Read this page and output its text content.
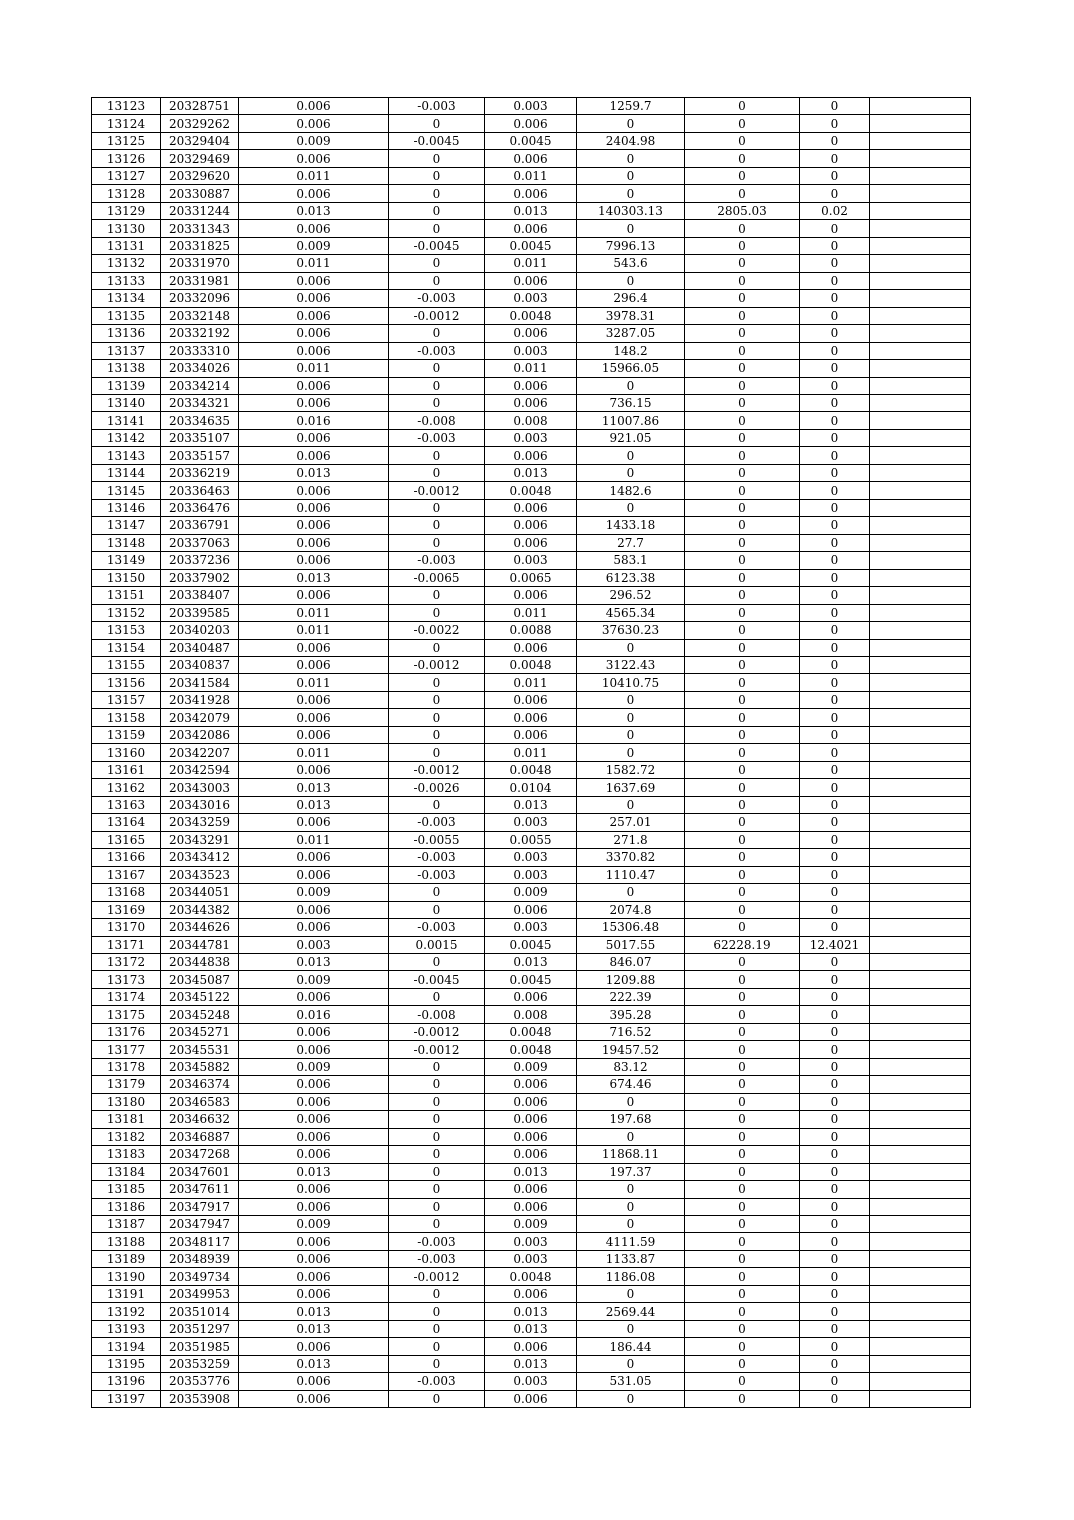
13123	20328751	0.006	-0.003	0.003	1259.7	0	0	
13124	20329262	0.006	0	0.006	0	0	0	
13125	20329404	0.009	-0.0045	0.0045	2404.98	0	0	
13126	20329469	0.006	0	0.006	0	0	0	
13127	20329620	0.011	0	0.011	0	0	0	
13128	20330887	0.006	0	0.006	0	0	0	
13129	20331244	0.013	0	0.013	140303.13	2805.03	0.02	
13130	20331343	0.006	0	0.006	0	0	0	
13131	20331825	0.009	-0.0045	0.0045	7996.13	0	0	
13132	20331970	0.011	0	0.011	543.6	0	0	
13133	20331981	0.006	0	0.006	0	0	0	
13134	20332096	0.006	-0.003	0.003	296.4	0	0	
13135	20332148	0.006	-0.0012	0.0048	3978.31	0	0	
13136	20332192	0.006	0	0.006	3287.05	0	0	
13137	20333310	0.006	-0.003	0.003	148.2	0	0	
13138	20334026	0.011	0	0.011	15966.05	0	0	
13139	20334214	0.006	0	0.006	0	0	0	
13140	20334321	0.006	0	0.006	736.15	0	0	
13141	20334635	0.016	-0.008	0.008	11007.86	0	0	
13142	20335107	0.006	-0.003	0.003	921.05	0	0	
13143	20335157	0.006	0	0.006	0	0	0	
13144	20336219	0.013	0	0.013	0	0	0	
13145	20336463	0.006	-0.0012	0.0048	1482.6	0	0	
13146	20336476	0.006	0	0.006	0	0	0	
13147	20336791	0.006	0	0.006	1433.18	0	0	
13148	20337063	0.006	0	0.006	27.7	0	0	
13149	20337236	0.006	-0.003	0.003	583.1	0	0	
13150	20337902	0.013	-0.0065	0.0065	6123.38	0	0	
13151	20338407	0.006	0	0.006	296.52	0	0	
13152	20339585	0.011	0	0.011	4565.34	0	0	
13153	20340203	0.011	-0.0022	0.0088	37630.23	0	0	
13154	20340487	0.006	0	0.006	0	0	0	
13155	20340837	0.006	-0.0012	0.0048	3122.43	0	0	
13156	20341584	0.011	0	0.011	10410.75	0	0	
13157	20341928	0.006	0	0.006	0	0	0	
13158	20342079	0.006	0	0.006	0	0	0	
13159	20342086	0.006	0	0.006	0	0	0	
13160	20342207	0.011	0	0.011	0	0	0	
13161	20342594	0.006	-0.0012	0.0048	1582.72	0	0	
13162	20343003	0.013	-0.0026	0.0104	1637.69	0	0	
13163	20343016	0.013	0	0.013	0	0	0	
13164	20343259	0.006	-0.003	0.003	257.01	0	0	
13165	20343291	0.011	-0.0055	0.0055	271.8	0	0	
13166	20343412	0.006	-0.003	0.003	3370.82	0	0	
13167	20343523	0.006	-0.003	0.003	1110.47	0	0	
13168	20344051	0.009	0	0.009	0	0	0	
13169	20344382	0.006	0	0.006	2074.8	0	0	
13170	20344626	0.006	-0.003	0.003	15306.48	0	0	
13171	20344781	0.003	0.0015	0.0045	5017.55	62228.19	12.4021	
13172	20344838	0.013	0	0.013	846.07	0	0	
13173	20345087	0.009	-0.0045	0.0045	1209.88	0	0	
13174	20345122	0.006	0	0.006	222.39	0	0	
13175	20345248	0.016	-0.008	0.008	395.28	0	0	
13176	20345271	0.006	-0.0012	0.0048	716.52	0	0	
13177	20345531	0.006	-0.0012	0.0048	19457.52	0	0	
13178	20345882	0.009	0	0.009	83.12	0	0	
13179	20346374	0.006	0	0.006	674.46	0	0	
13180	20346583	0.006	0	0.006	0	0	0	
13181	20346632	0.006	0	0.006	197.68	0	0	
13182	20346887	0.006	0	0.006	0	0	0	
13183	20347268	0.006	0	0.006	11868.11	0	0	
13184	20347601	0.013	0	0.013	197.37	0	0	
13185	20347611	0.006	0	0.006	0	0	0	
13186	20347917	0.006	0	0.006	0	0	0	
13187	20347947	0.009	0	0.009	0	0	0	
13188	20348117	0.006	-0.003	0.003	4111.59	0	0	
13189	20348939	0.006	-0.003	0.003	1133.87	0	0	
13190	20349734	0.006	-0.0012	0.0048	1186.08	0	0	
13191	20349953	0.006	0	0.006	0	0	0	
13192	20351014	0.013	0	0.013	2569.44	0	0	
13193	20351297	0.013	0	0.013	0	0	0	
13194	20351985	0.006	0	0.006	186.44	0	0	
13195	20353259	0.013	0	0.013	0	0	0	
13196	20353776	0.006	-0.003	0.003	531.05	0	0	
13197	20353908	0.006	0	0.006	0	0	0	
